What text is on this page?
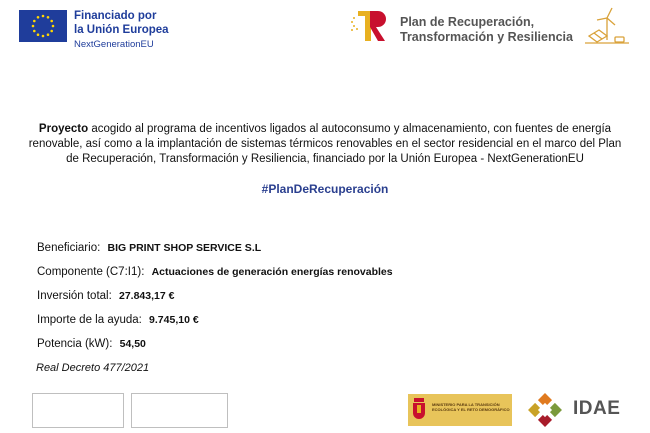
Financiado por
la Unión Europea
NextGenerationEU
Plan de Recuperación,
Transformación y Resiliencia
Proyecto acogido al programa de incentivos ligados al autoconsumo y almacenamiento, con fuentes de energía renovable, así como a la implantación de sistemas térmicos renovables en el sector residencial en el marco del Plan de Recuperación, Transformación y Resiliencia, financiado por la Unión Europea - NextGenerationEU
#PlanDeRecuperación
Beneficiario: BIG PRINT SHOP SERVICE S.L
Componente (C7:I1): Actuaciones de generación energías renovables
Inversión total: 27.843,17 €
Importe de la ayuda: 9.745,10 €
Potencia (kW): 54,50
Real Decreto 477/2021
MINISTERIO PARA LA TRANSICIÓN ECOLÓGICA Y EL RETO DEMOGRÁFICO	IDAE
